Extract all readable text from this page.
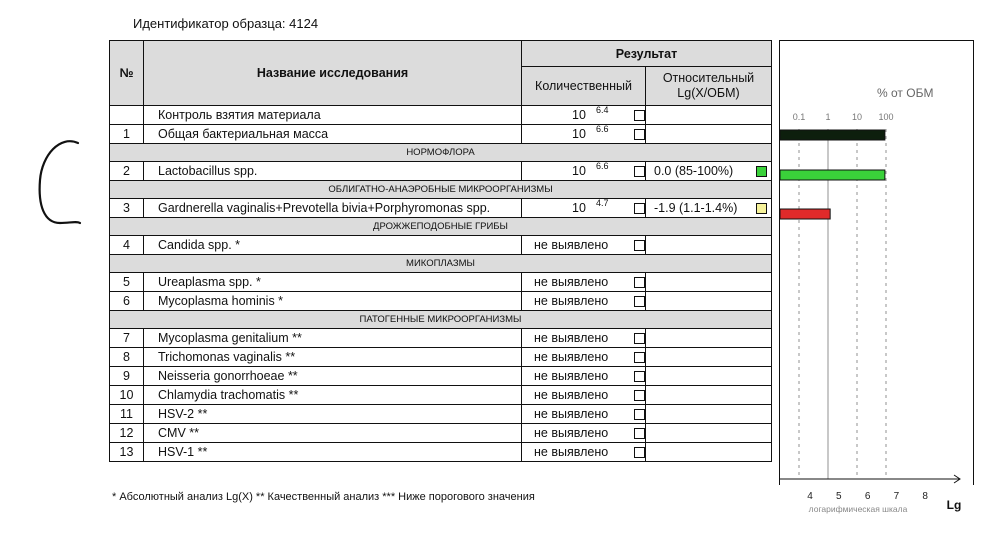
Идентификатор образца: 4124
№	Название исследования	Результат	
		Количественный	Относительный
Lg(X/ОБМ)
	Контроль взятия материала	10 6.4	

1	Общая бактериальная масса	10 6.6	

НОРМОФЛОРА			
2	Lactobacillus spp.	10 6.6	0.0 (85-100%)

ОБЛИГАТНО-АНАЭРОБНЫЕ МИКРООРГАНИЗМЫ			
3	Gardnerella vaginalis+Prevotella bivia+Porphyromonas spp.	10 4.7	-1.9 (1.1-1.4%)

ДРОЖЖЕПОДОБНЫЕ ГРИБЫ			
4	Candida spp. *	не выявлено	

МИКОПЛАЗМЫ			
5	Ureaplasma spp. *	не выявлено	

6	Mycoplasma hominis *	не выявлено	

ПАТОГЕННЫЕ МИКРООРГАНИЗМЫ			
7	Mycoplasma genitalium **	не выявлено	

8	Trichomonas vaginalis **	не выявлено	

9	Neisseria gonorrhoeae **	не выявлено	

10	Chlamydia trachomatis **	не выявлено	

11	HSV-2 **	не выявлено	

12	CMV **	не выявлено	

13	HSV-1 **	не выявлено	

% от ОБМ
0.1 1 10 100
4 5 6 7 8
Lg
логарифмическая шкала
* Абсолютный анализ Lg(X) ** Качественный анализ *** Ниже порогового значения
